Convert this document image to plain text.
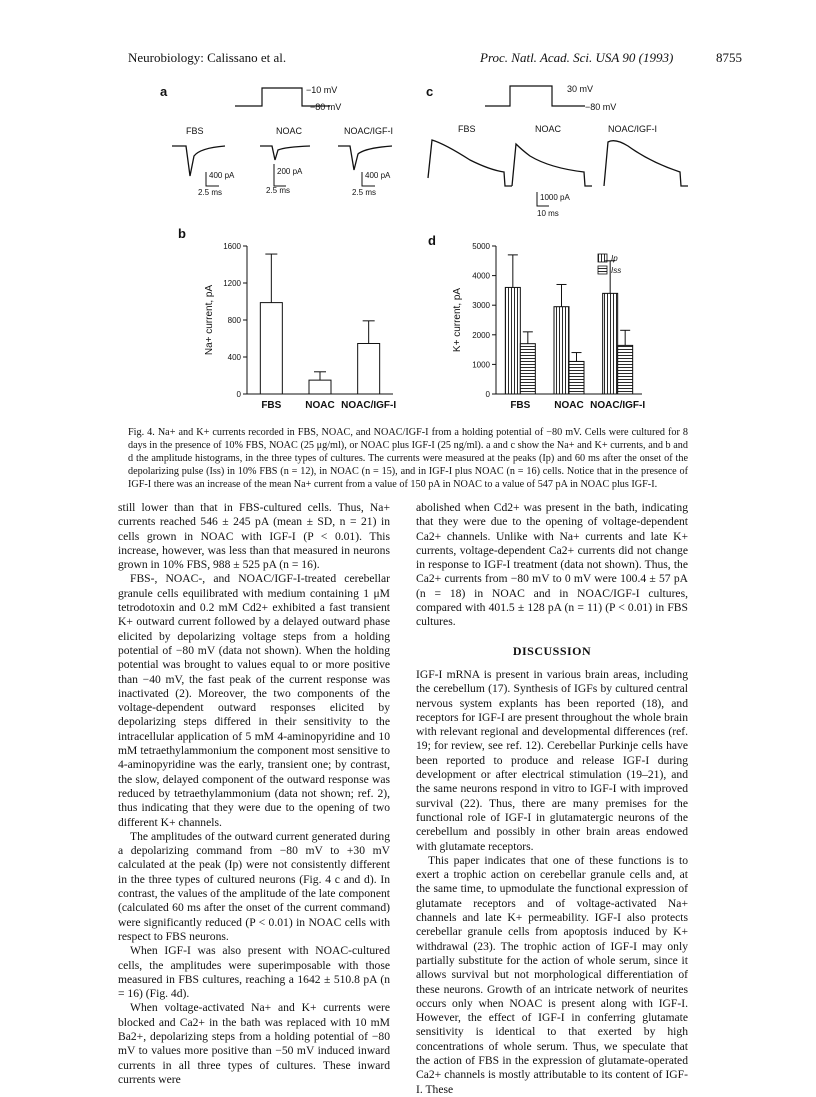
Neurobiology: Calissano et al.	Proc. Natl. Acad. Sci. USA 90 (1993)	8755
a	−10 mV
−80 mV
FBS
400 pA
2.5 ms
NOAC
200 pA
2.5 ms
NOAC/IGF-I
400 pA
2.5 ms
c	30 mV
−80 mV
FBS	NOAC	NOAC/IGF-I
1000 pA
10 ms
b	d
Na+ current, pA
0
400
800
1200
1600
FBS NOAC NOAC/IGF-I
K+ current, pA
Ip
Iss
0
1000
2000
3000
4000
5000
FBS NOAC NOAC/IGF-I
Fig. 4. Na+ and K+ currents recorded in FBS, NOAC, and NOAC/IGF-I from a holding potential of −80 mV. Cells were cultured for 8 days in the presence of 10% FBS, NOAC (25 μg/ml), or NOAC plus IGF-I (25 ng/ml). a and c show the Na+ and K+ currents, and b and d the amplitude histograms, in the three types of cultures. The currents were measured at the peaks (Ip) and 60 ms after the onset of the depolarizing pulse (Iss) in 10% FBS (n = 12), in NOAC (n = 15), and in IGF-I plus NOAC (n = 16) cells. Notice that in the presence of IGF-I there was an increase of the mean Na+ current from a value of 150 pA in NOAC to a value of 547 pA in NOAC plus IGF-I.

still lower than that in FBS-cultured cells. Thus, Na+ currents reached 546 ± 245 pA (mean ± SD, n = 21) in cells grown in NOAC with IGF-I (P < 0.01). This increase, however, was less than that measured in neurons grown in 10% FBS, 988 ± 525 pA (n = 16).

FBS-, NOAC-, and NOAC/IGF-I-treated cerebellar granule cells equilibrated with medium containing 1 μM tetrodotoxin and 0.2 mM Cd2+ exhibited a fast transient K+ outward current followed by a delayed outward phase elicited by depolarizing voltage steps from a holding potential of −80 mV (data not shown). When the holding potential was brought to values equal to or more positive than −40 mV, the fast peak of the current response was inactivated (2). Moreover, the two components of the voltage-dependent outward responses elicited by depolarizing steps differed in their sensitivity to the intracellular application of 5 mM 4-aminopyridine and 10 mM tetraethylammonium the component most sensitive to 4-aminopyridine was the early, transient one; by contrast, the slow, delayed component of the outward response was reduced by tetraethylammonium (data not shown; ref. 2), thus indicating that they were due to the opening of two different K+ channels.

The amplitudes of the outward current generated during a depolarizing command from −80 mV to +30 mV calculated at the peak (Ip) were not consistently different in the three types of cultured neurons (Fig. 4 c and d). In contrast, the values of the amplitude of the late component (calculated 60 ms after the onset of the current command) were significantly reduced (P < 0.01) in NOAC cells with respect to FBS neurons.

When IGF-I was also present with NOAC-cultured cells, the amplitudes were superimposable with those measured in FBS cultures, reaching a 1642 ± 510.8 pA (n = 16) (Fig. 4d).

When voltage-activated Na+ and K+ currents were blocked and Ca2+ in the bath was replaced with 10 mM Ba2+, depolarizing steps from a holding potential of −80 mV to values more positive than −50 mV induced inward currents in all three types of cultures. These inward currents were

abolished when Cd2+ was present in the bath, indicating that they were due to the opening of voltage-dependent Ca2+ channels. Unlike with Na+ currents and late K+ currents, voltage-dependent Ca2+ currents did not change in response to IGF-I treatment (data not shown). Thus, the Ca2+ currents from −80 mV to 0 mV were 100.4 ± 57 pA (n = 18) in NOAC and in NOAC/IGF-I cultures, compared with 401.5 ± 128 pA (n = 11) (P < 0.01) in FBS cultures.

DISCUSSION

IGF-I mRNA is present in various brain areas, including the cerebellum (17). Synthesis of IGFs by cultured central nervous system explants has been reported (18), and receptors for IGF-I are present throughout the whole brain with relevant regional and developmental differences (ref. 19; for review, see ref. 12). Cerebellar Purkinje cells have been reported to produce and release IGF-I during development or after electrical stimulation (19–21), and the same neurons respond in vitro to IGF-I with improved survival (22). Thus, there are many premises for the functional role of IGF-I in glutamatergic neurons of the cerebellum and possibly in other brain areas endowed with glutamate receptors.

This paper indicates that one of these functions is to exert a trophic action on cerebellar granule cells and, at the same time, to upmodulate the functional expression of glutamate receptors and of voltage-activated Na+ channels and late K+ permeability. IGF-I also protects cerebellar granule cells from apoptosis induced by K+ withdrawal (23). The trophic action of IGF-I may only partially substitute for the action of whole serum, since it allows survival but not morphological differentiation of these neurons. Growth of an intricate network of neurites occurs only when NOAC is present along with IGF-I. However, the effect of IGF-I in conferring glutamate sensitivity is identical to that exerted by high concentrations of whole serum. Thus, we speculate that the action of FBS in the expression of glutamate-operated Ca2+ channels is mostly attributable to its content of IGF-I. These
